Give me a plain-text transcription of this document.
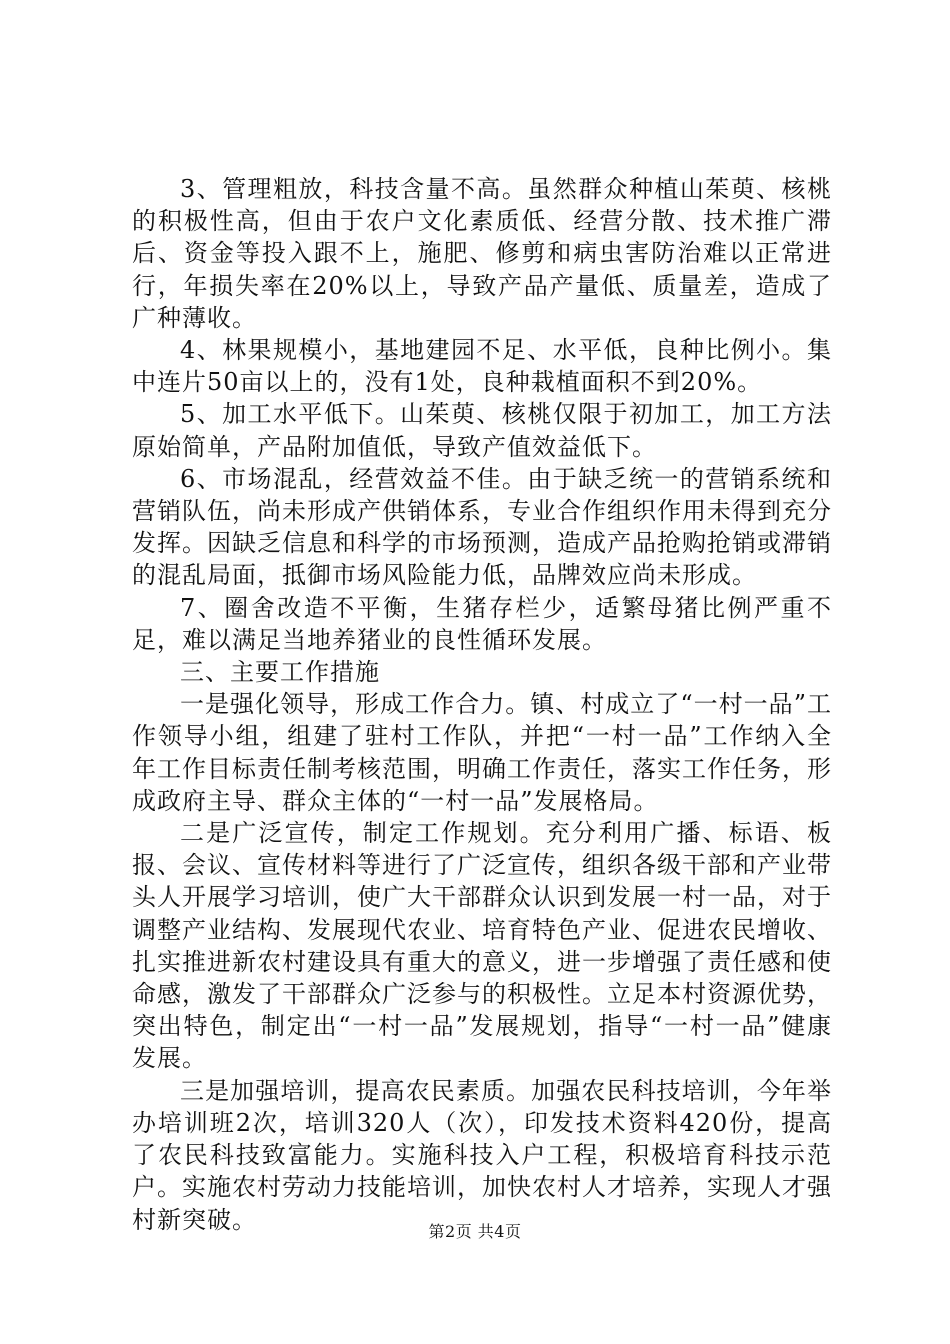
3、管理粗放，科技含量不高。虽然群众种植山茱萸、核桃的积极性高，但由于农户文化素质低、经营分散、技术推广滞后、资金等投入跟不上，施肥、修剪和病虫害防治难以正常进行，年损失率在20%以上，导致产品产量低、质量差，造成了广种薄收。

4、林果规模小，基地建园不足、水平低，良种比例小。集中连片50亩以上的，没有1处，良种栽植面积不到20%。

5、加工水平低下。山茱萸、核桃仅限于初加工，加工方法原始简单，产品附加值低，导致产值效益低下。

6、市场混乱，经营效益不佳。由于缺乏统一的营销系统和营销队伍，尚未形成产供销体系，专业合作组织作用未得到充分发挥。因缺乏信息和科学的市场预测，造成产品抢购抢销或滞销的混乱局面，抵御市场风险能力低，品牌效应尚未形成。

7、圈舍改造不平衡，生猪存栏少，适繁母猪比例严重不足，难以满足当地养猪业的良性循环发展。

三、主要工作措施

一是强化领导，形成工作合力。镇、村成立了“一村一品”工作领导小组，组建了驻村工作队，并把“一村一品”工作纳入全年工作目标责任制考核范围，明确工作责任，落实工作任务，形成政府主导、群众主体的“一村一品”发展格局。

二是广泛宣传，制定工作规划。充分利用广播、标语、板报、会议、宣传材料等进行了广泛宣传，组织各级干部和产业带头人开展学习培训，使广大干部群众认识到发展一村一品，对于调整产业结构、发展现代农业、培育特色产业、促进农民增收、扎实推进新农村建设具有重大的意义，进一步增强了责任感和使命感，激发了干部群众广泛参与的积极性。立足本村资源优势，突出特色，制定出“一村一品”发展规划，指导“一村一品”健康发展。

三是加强培训，提高农民素质。加强农民科技培训，今年举办培训班2次，培训320人（次），印发技术资料420份，提高了农民科技致富能力。实施科技入户工程，积极培育科技示范户。实施农村劳动力技能培训，加快农村人才培养，实现人才强村新突破。	第2页 共4页
